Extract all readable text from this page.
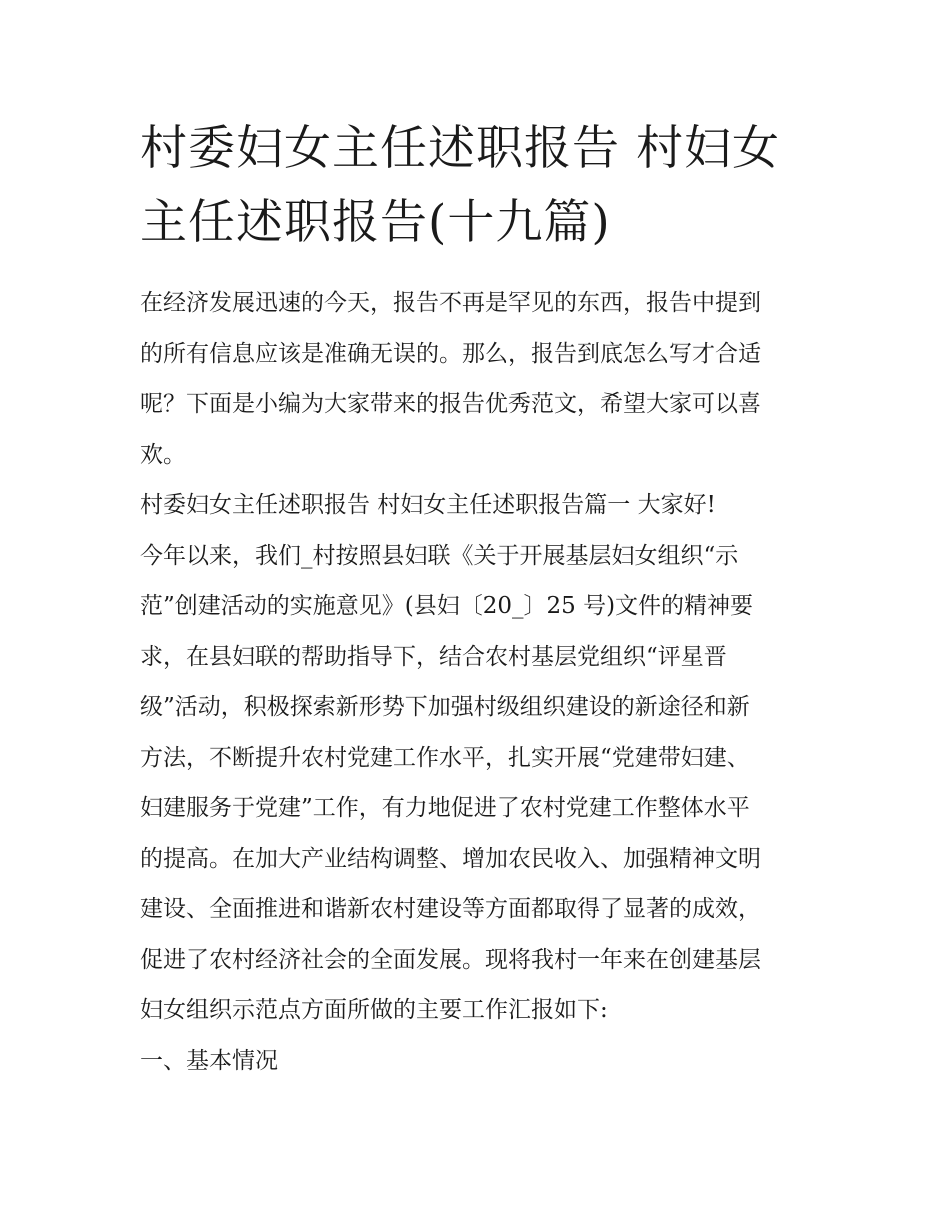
村委妇女主任述职报告 村妇女
主任述职报告(十九篇)

在经济发展迅速的今天，报告不再是罕见的东西，报告中提到
的所有信息应该是准确无误的。那么，报告到底怎么写才合适
呢？下面是小编为大家带来的报告优秀范文，希望大家可以喜
欢。

村委妇女主任述职报告 村妇女主任述职报告篇一 大家好!

今年以来，我们_村按照县妇联《关于开展基层妇女组织“示
范”创建活动的实施意见》(县妇〔20_〕25 号)文件的精神要
求，在县妇联的帮助指导下，结合农村基层党组织“评星晋
级”活动，积极探索新形势下加强村级组织建设的新途径和新
方法，不断提升农村党建工作水平，扎实开展“党建带妇建、
妇建服务于党建”工作，有力地促进了农村党建工作整体水平
的提高。在加大产业结构调整、增加农民收入、加强精神文明
建设、全面推进和谐新农村建设等方面都取得了显著的成效，
促进了农村经济社会的全面发展。现将我村一年来在创建基层
妇女组织示范点方面所做的主要工作汇报如下:

一、基本情况
